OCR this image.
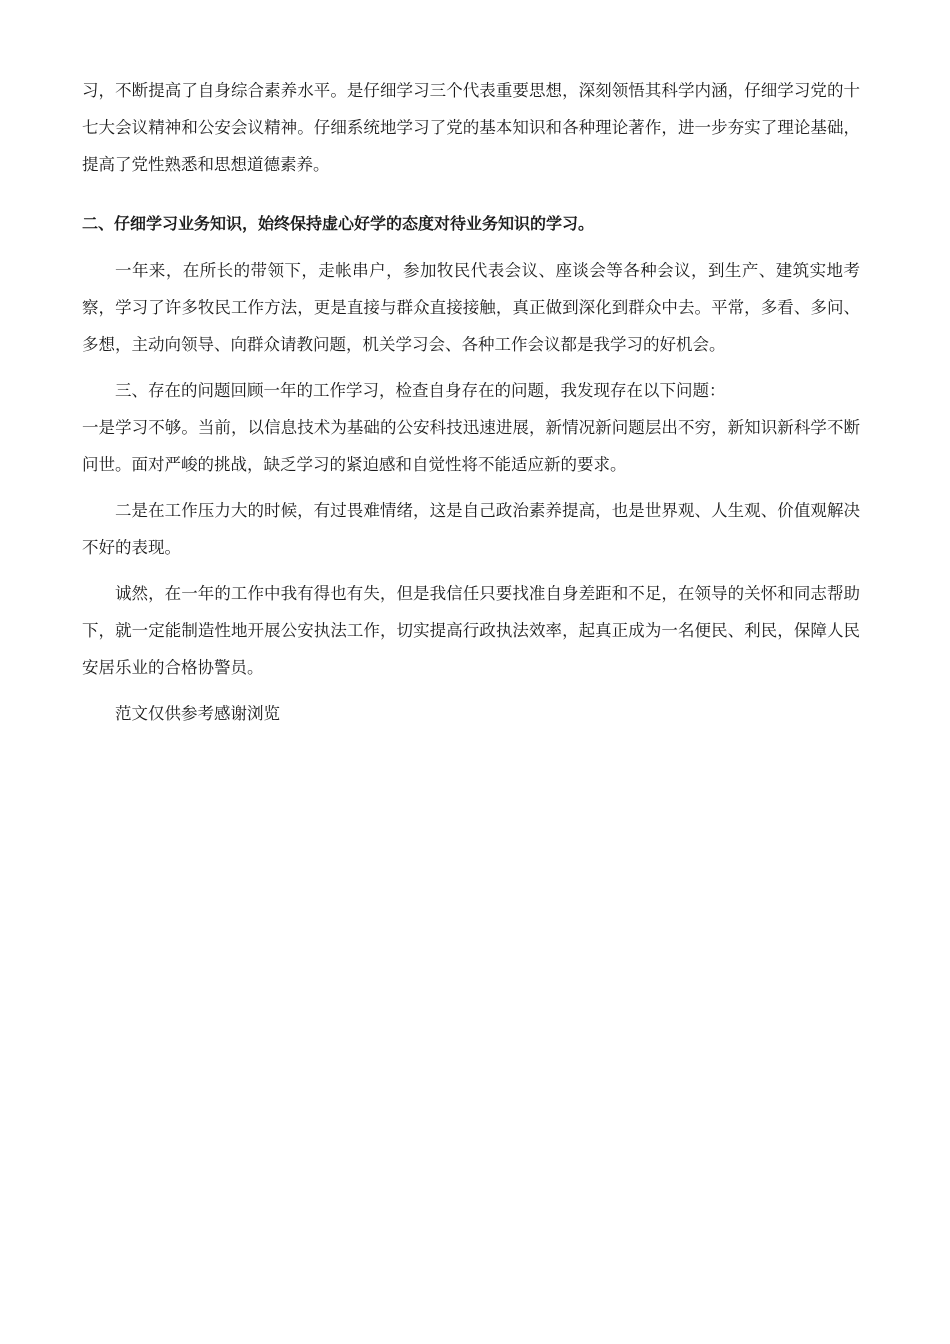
习，不断提高了自身综合素养水平。是仔细学习三个代表重要思想，深刻领悟其科学内涵，仔细学习党的十七大会议精神和公安会议精神。仔细系统地学习了党的基本知识和各种理论著作，进一步夯实了理论基础，提高了党性熟悉和思想道德素养。

二、仔细学习业务知识，始终保持虚心好学的态度对待业务知识的学习。

一年来，在所长的带领下，走帐串户，参加牧民代表会议、座谈会等各种会议，到生产、建筑实地考察，学习了许多牧民工作方法，更是直接与群众直接接触，真正做到深化到群众中去。平常，多看、多问、多想，主动向领导、向群众请教问题，机关学习会、各种工作会议都是我学习的好机会。

三、存在的问题回顾一年的工作学习，检查自身存在的问题，我发现存在以下问题：

一是学习不够。当前，以信息技术为基础的公安科技迅速进展，新情况新问题层出不穷，新知识新科学不断问世。面对严峻的挑战，缺乏学习的紧迫感和自觉性将不能适应新的要求。

二是在工作压力大的时候，有过畏难情绪，这是自己政治素养提高，也是世界观、人生观、价值观解决不好的表现。

诚然，在一年的工作中我有得也有失，但是我信任只要找准自身差距和不足，在领导的关怀和同志帮助下，就一定能制造性地开展公安执法工作，切实提高行政执法效率，起真正成为一名便民、利民，保障人民安居乐业的合格协警员。

范文仅供参考感谢浏览
